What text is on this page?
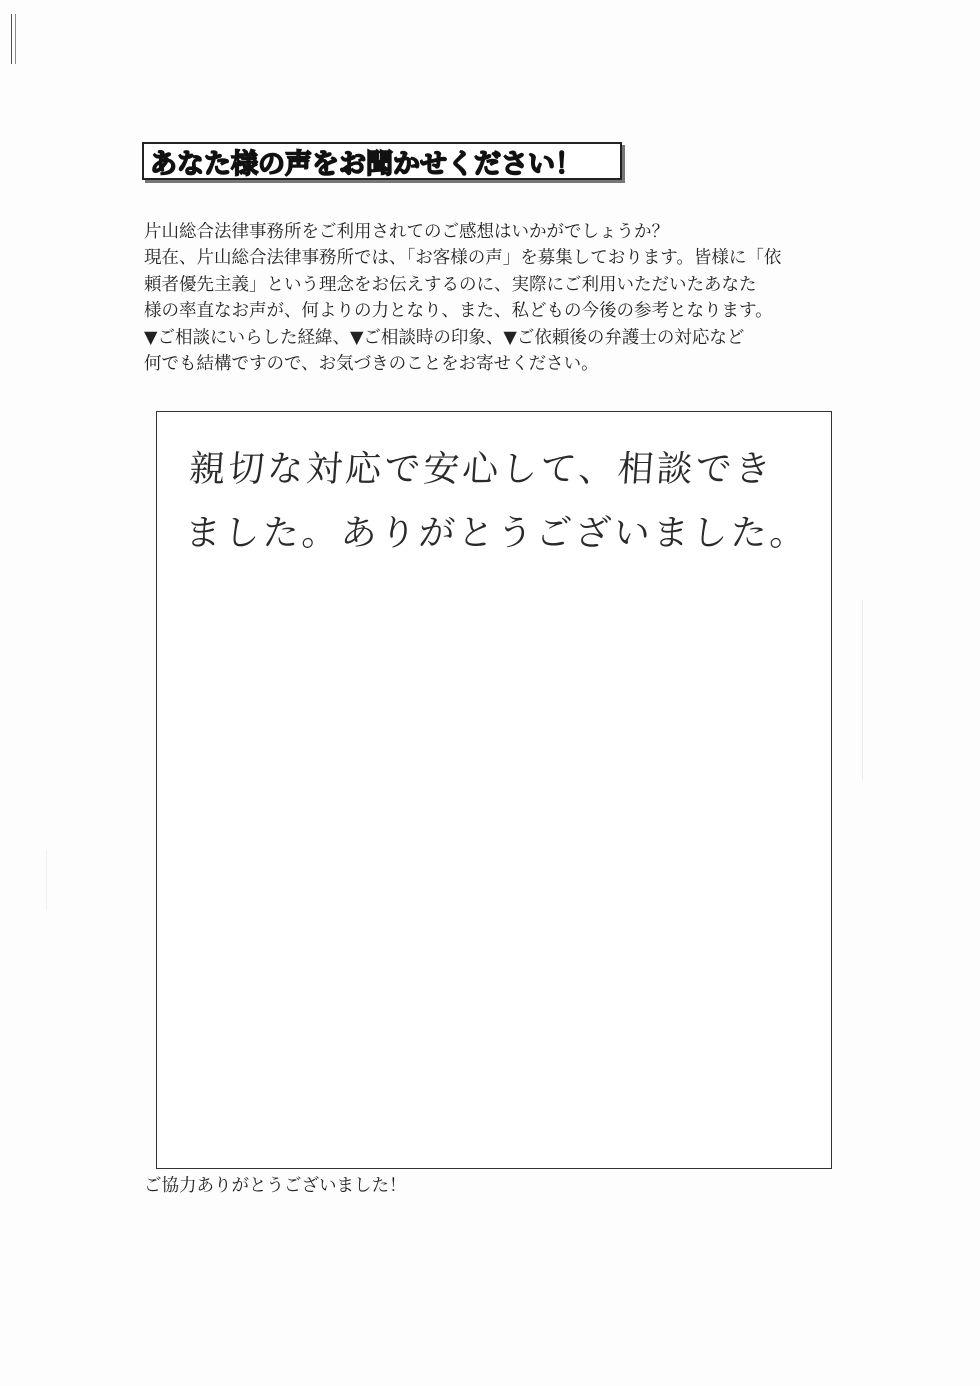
あなた様の声をお聞かせください！
片山総合法律事務所をご利用されてのご感想はいかがでしょうか？
現在、片山総合法律事務所では、「お客様の声」を募集しております。皆様に「依
頼者優先主義」という理念をお伝えするのに、実際にご利用いただいたあなた
様の率直なお声が、何よりの力となり、また、私どもの今後の参考となります。
▼ご相談にいらした経緯、▼ご相談時の印象、▼ご依頼後の弁護士の対応など
何でも結構ですので、お気づきのことをお寄せください。
親切な対応で安心して、相談でき
ました。ありがとうございました。
ご協力ありがとうございました！
